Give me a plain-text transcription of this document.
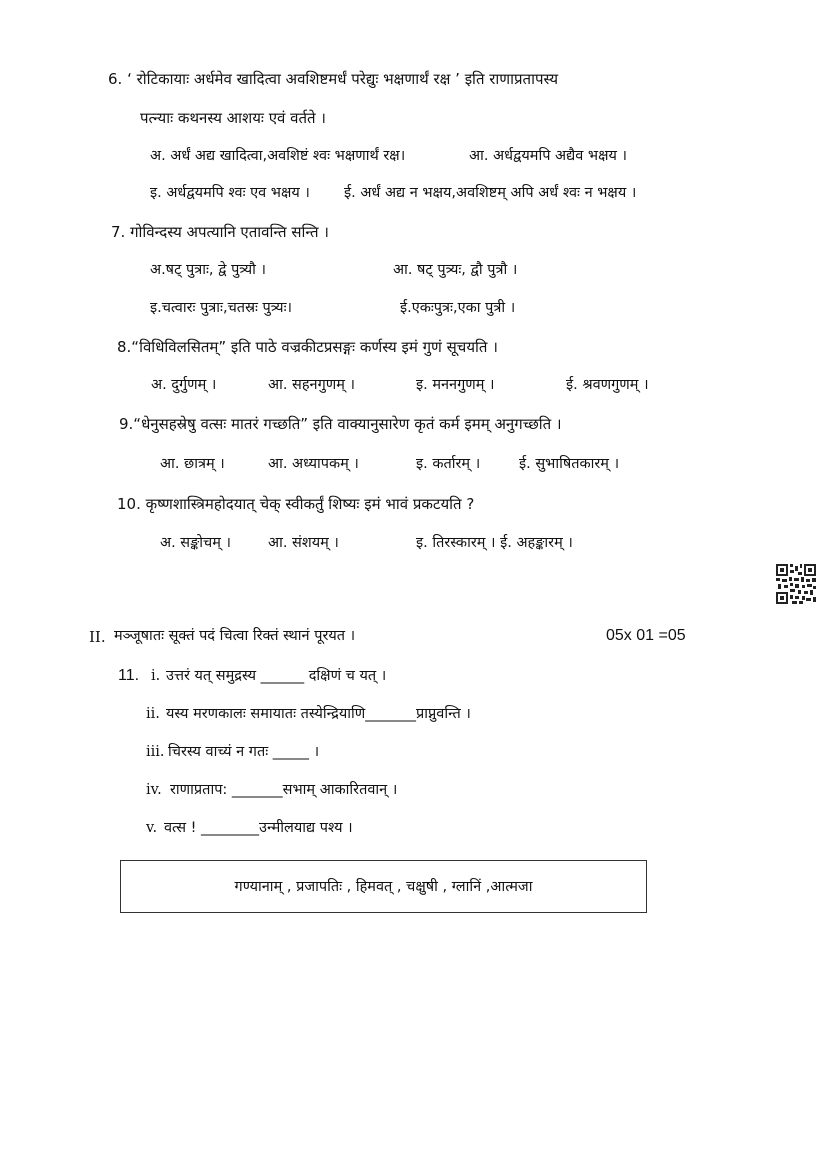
6. ‘ रोटिकायाः अर्धमेव खादित्वा अवशिष्टमर्धं परेद्युः भक्षणार्थं रक्ष ’ इति राणाप्रतापस्य
पत्न्याः कथनस्य आशयः एवं वर्तते ।
अ. अर्धं अद्य खादित्वा,अवशिष्टं श्वः भक्षणार्थं रक्ष।	आ. अर्धद्वयमपि अद्यैव भक्षय ।
इ. अर्धद्वयमपि श्वः एव भक्षय । ई. अर्धं अद्य न भक्षय,अवशिष्टम् अपि अर्धं श्वः न भक्षय ।
7. गोविन्दस्य अपत्यानि एतावन्ति सन्ति ।
अ.षट् पुत्राः, द्वे पुत्र्यौ ।	आ. षट् पुत्र्यः, द्वौ पुत्रौ ।
इ.चत्वारः पुत्राः,चतस्रः पुत्र्यः।	ई.एकःपुत्रः,एका पुत्री ।
8.“विधिविलसितम्” इति पाठे वज्रकीटप्रसङ्गः कर्णस्य इमं गुणं सूचयति ।
अ. दुर्गुणम् ।	आ. सहनगुणम् ।	इ. मननगुणम् ।	ई. श्रवणगुणम् ।
9.“धेनुसहस्रेषु वत्सः मातरं गच्छति” इति वाक्यानुसारेण कृतं कर्म इमम् अनुगच्छति ।
आ. छात्रम् ।	आ. अध्यापकम् ।	इ. कर्तारम् ।	ई. सुभाषितकारम् ।
10. कृष्णशास्त्रिमहोदयात् चेक् स्वीकर्तुं शिष्यः इमं भावं प्रकटयति ?
अ. सङ्कोचम् ।	आ. संशयम् ।	इ. तिरस्कारम् । ई. अहङ्कारम् ।
II. मञ्जूषातः सूक्तं पदं चित्वा रिक्तं स्थानं पूरयत ।	05x 01 =05
11. i. उत्तरं यत् समुद्रस्य ______ दक्षिणं च यत् ।
ii. यस्य मरणकालः समायातः तस्येन्द्रियाणि_______प्राप्नुवन्ति ।
iii. चिरस्य वाच्यं न गतः _____ ।
iv. राणाप्रताप: _______सभाम् आकारितवान् ।
v. वत्स ! ________उन्मीलयाद्य पश्य ।
गण्यानाम् , प्रजापतिः , हिमवत् , चक्षुषी , ग्लानिं ,आत्मजा
